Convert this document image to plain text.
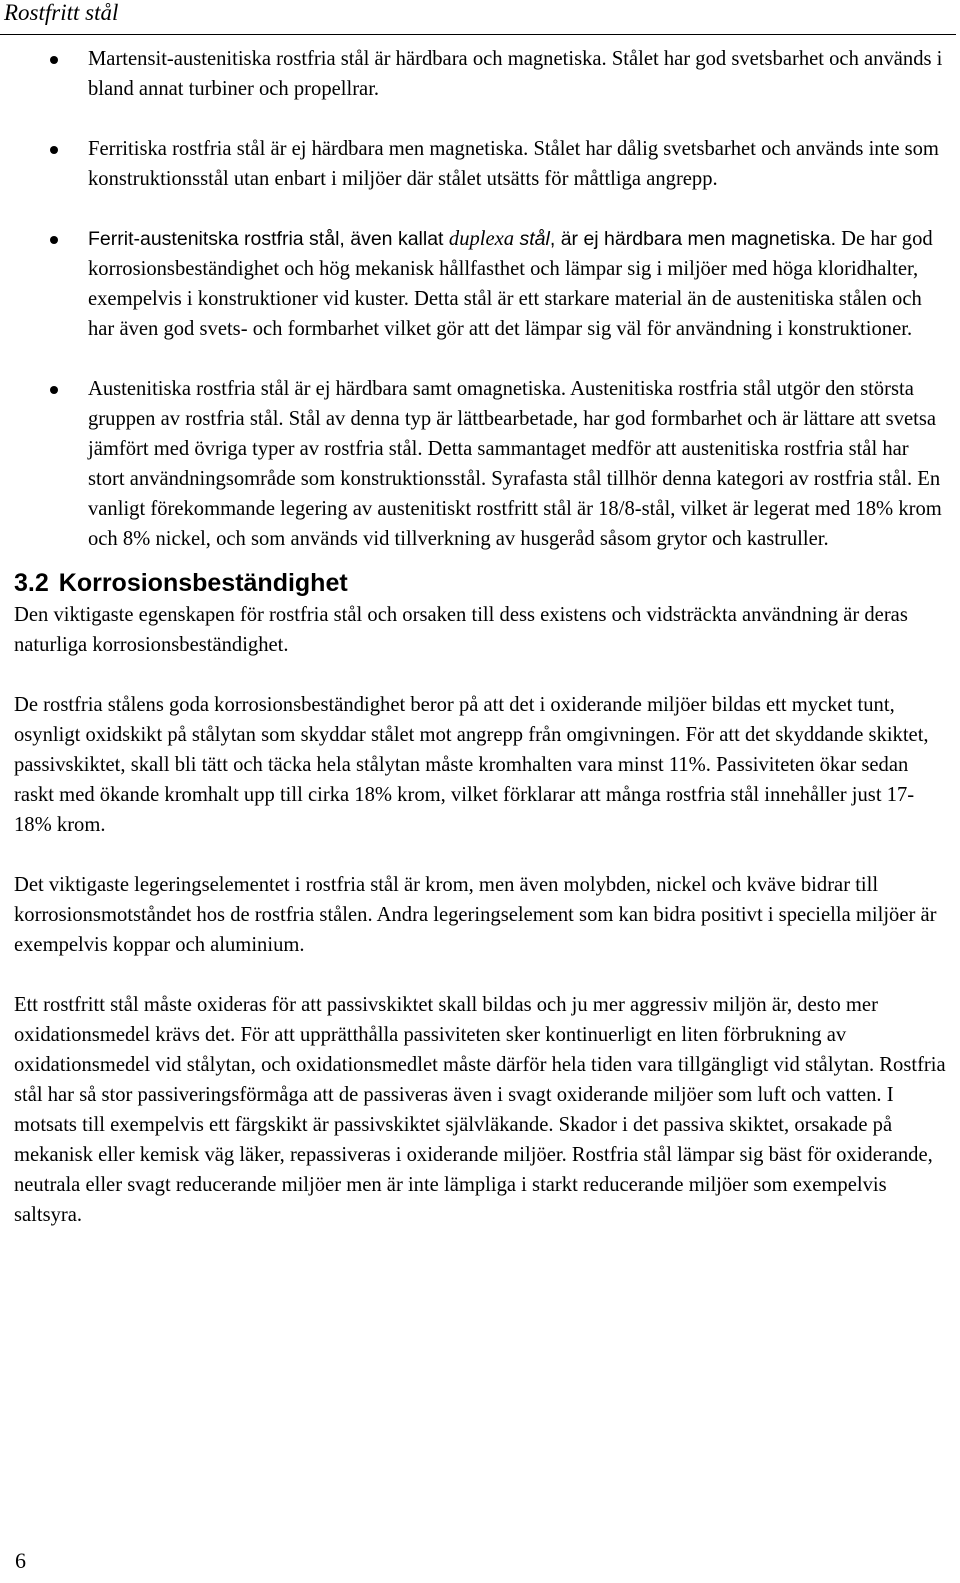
Rostfritt stål
Martensit-austenitiska rostfria stål är härdbara och magnetiska. Stålet har god svetsbarhet och används i bland annat turbiner och propellrar.
Ferritiska rostfria stål är ej härdbara men magnetiska. Stålet har dålig svetsbarhet och används inte som konstruktionsstål utan enbart i miljöer där stålet utsätts för måttliga angrepp.
Ferrit-austenitska rostfria stål, även kallat duplexa stål, är ej härdbara men magnetiska. De har god korrosionsbeständighet och hög mekanisk hållfasthet och lämpar sig i miljöer med höga kloridhalter, exempelvis i konstruktioner vid kuster. Detta stål är ett starkare material än de austenitiska stålen och har även god svets- och formbarhet vilket gör att det lämpar sig väl för användning i konstruktioner.
Austenitiska rostfria stål är ej härdbara samt omagnetiska. Austenitiska rostfria stål utgör den största gruppen av rostfria stål. Stål av denna typ är lättbearbetade, har god formbarhet och är lättare att svetsa jämfört med övriga typer av rostfria stål. Detta sammantaget medför att austenitiska rostfria stål har stort användningsområde som konstruktionsstål. Syrafasta stål tillhör denna kategori av rostfria stål. En vanligt förekommande legering av austenitiskt rostfritt stål är 18/8-stål, vilket är legerat med 18% krom och 8% nickel, och som används vid tillverkning av husgeråd såsom grytor och kastruller.
3.2 Korrosionsbeständighet

Den viktigaste egenskapen för rostfria stål och orsaken till dess existens och vidsträckta användning är deras naturliga korrosionsbeständighet.

De rostfria stålens goda korrosionsbeständighet beror på att det i oxiderande miljöer bildas ett mycket tunt, osynligt oxidskikt på stålytan som skyddar stålet mot angrepp från omgivningen. För att det skyddande skiktet, passivskiktet, skall bli tätt och täcka hela stålytan måste kromhalten vara minst 11%. Passiviteten ökar sedan raskt med ökande kromhalt upp till cirka 18% krom, vilket förklarar att många rostfria stål innehåller just 17-18% krom.

Det viktigaste legeringselementet i rostfria stål är krom, men även molybden, nickel och kväve bidrar till korrosionsmotståndet hos de rostfria stålen. Andra legeringselement som kan bidra positivt i speciella miljöer är exempelvis koppar och aluminium.

Ett rostfritt stål måste oxideras för att passivskiktet skall bildas och ju mer aggressiv miljön är, desto mer oxidationsmedel krävs det. För att upprätthålla passiviteten sker kontinuerligt en liten förbrukning av oxidationsmedel vid stålytan, och oxidationsmedlet måste därför hela tiden vara tillgängligt vid stålytan. Rostfria stål har så stor passiveringsförmåga att de passiveras även i svagt oxiderande miljöer som luft och vatten. I motsats till exempelvis ett färgskikt är passivskiktet självläkande. Skador i det passiva skiktet, orsakade på mekanisk eller kemisk väg läker, repassiveras i oxiderande miljöer. Rostfria stål lämpar sig bäst för oxiderande, neutrala eller svagt reducerande miljöer men är inte lämpliga i starkt reducerande miljöer som exempelvis saltsyra.

6
